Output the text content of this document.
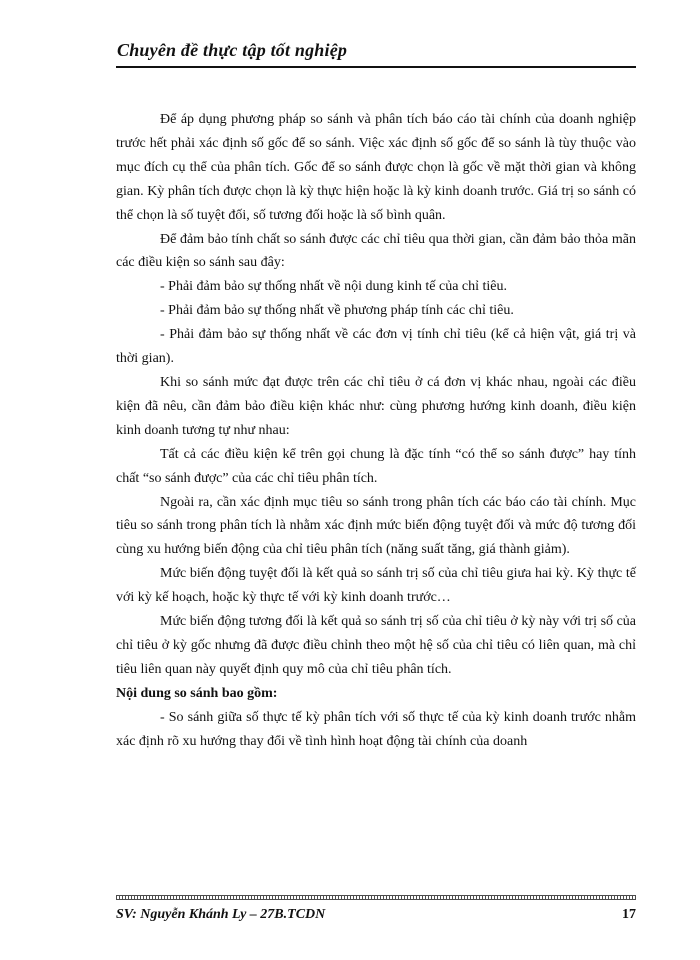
Chuyên đề thực tập tốt nghiệp

Để áp dụng phương pháp so sánh và phân tích báo cáo tài chính của doanh nghiệp trước hết phải xác định số gốc để so sánh. Việc xác định số gốc để so sánh là tùy thuộc vào mục đích cụ thể của phân tích. Gốc để so sánh được chọn là gốc về mặt thời gian và không gian. Kỳ phân tích được chọn là kỳ thực hiện hoặc là kỳ kinh doanh trước. Giá trị so sánh có thể chọn là số tuyệt đối, số tương đối hoặc là số bình quân.

Để đảm bảo tính chất so sánh được các chỉ tiêu qua thời gian, cần đảm bảo thỏa mãn các điều kiện so sánh sau đây:

- Phải đảm bảo sự thống nhất về nội dung kinh tế của chỉ tiêu.

- Phải đảm bảo sự thống nhất về phương pháp tính các chỉ tiêu.

- Phải đảm bảo sự thống nhất về các đơn vị tính chỉ tiêu (kể cả hiện vật, giá trị và thời gian).

Khi so sánh mức đạt được trên các chỉ tiêu ở cá đơn vị khác nhau, ngoài các điều kiện đã nêu, cần đảm bảo điều kiện khác như: cùng phương hướng kinh doanh, điều kiện kinh doanh tương tự như nhau:

Tất cả các điều kiện kể trên gọi chung là đặc tính “có thể so sánh được” hay tính chất “so sánh được” của các chỉ tiêu phân tích.

Ngoài ra, cần xác định mục tiêu so sánh trong phân tích các báo cáo tài chính. Mục tiêu so sánh trong phân tích là nhằm xác định mức biến động tuyệt đối và mức độ tương đối cùng xu hướng biến động của chỉ tiêu phân tích (năng suất tăng, giá thành giảm).

Mức biến động tuyệt đối là kết quả so sánh trị số của chỉ tiêu giưa hai kỳ. Kỳ thực tế với kỳ kế hoạch, hoặc kỳ thực tế với kỳ kinh doanh trước…

Mức biến động tương đối là kết quả so sánh trị số của chỉ tiêu ở kỳ này với trị số của chỉ tiêu ở kỳ gốc nhưng đã được điều chỉnh theo một hệ số của chỉ tiêu có liên quan, mà chỉ tiêu liên quan này quyết định quy mô của chỉ tiêu phân tích.

Nội dung so sánh bao gồm:

- So sánh giữa số thực tế kỳ phân tích với số thực tế của kỳ kinh doanh trước nhằm xác định rõ xu hướng thay đổi về tình hình hoạt động tài chính của doanh

SV: Nguyễn Khánh Ly – 27B.TCDN	17
